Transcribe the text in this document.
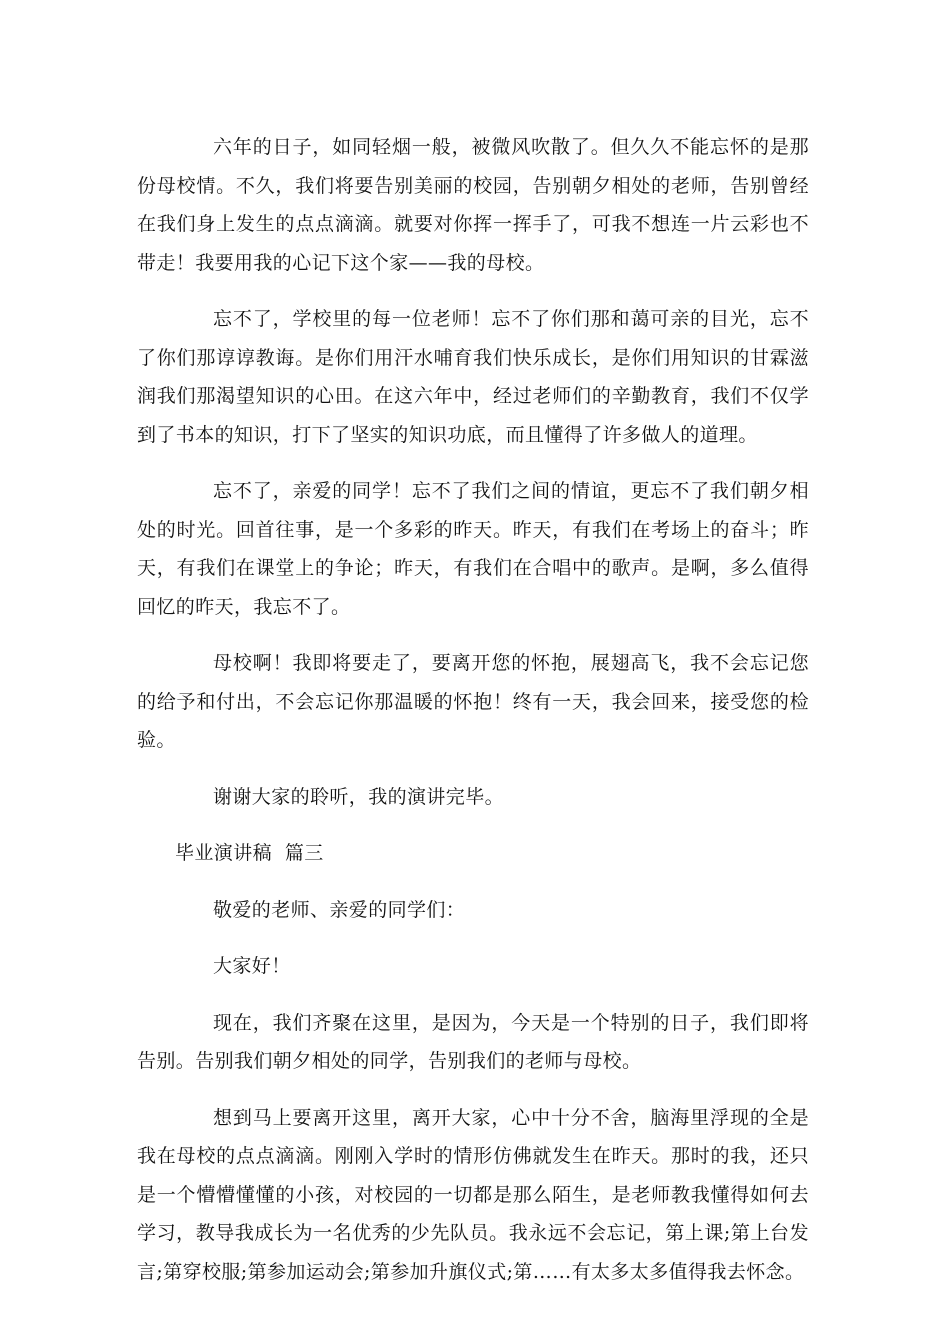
六年的日子，如同轻烟一般，被微风吹散了。但久久不能忘怀的是那份母校情。不久，我们将要告别美丽的校园，告别朝夕相处的老师，告别曾经在我们身上发生的点点滴滴。就要对你挥一挥手了，可我不想连一片云彩也不带走！我要用我的心记下这个家——我的母校。

忘不了，学校里的每一位老师！忘不了你们那和蔼可亲的目光，忘不了你们那谆谆教诲。是你们用汗水哺育我们快乐成长，是你们用知识的甘霖滋润我们那渴望知识的心田。在这六年中，经过老师们的辛勤教育，我们不仅学到了书本的知识，打下了坚实的知识功底，而且懂得了许多做人的道理。

忘不了，亲爱的同学！忘不了我们之间的情谊，更忘不了我们朝夕相处的时光。回首往事，是一个多彩的昨天。昨天，有我们在考场上的奋斗；昨天，有我们在课堂上的争论；昨天，有我们在合唱中的歌声。是啊，多么值得回忆的昨天，我忘不了。

母校啊！我即将要走了，要离开您的怀抱，展翅高飞，我不会忘记您的给予和付出，不会忘记你那温暖的怀抱！终有一天，我会回来，接受您的检验。

谢谢大家的聆听，我的演讲完毕。

毕业演讲稿  篇三

敬爱的老师、亲爱的同学们：

大家好！

现在，我们齐聚在这里，是因为，今天是一个特别的日子，我们即将告别。告别我们朝夕相处的同学，告别我们的老师与母校。

想到马上要离开这里，离开大家，心中十分不舍，脑海里浮现的全是我在母校的点点滴滴。刚刚入学时的情形仿佛就发生在昨天。那时的我，还只是一个懵懵懂懂的小孩，对校园的一切都是那么陌生，是老师教我懂得如何去学习，教导我成长为一名优秀的少先队员。我永远不会忘记，第上课;第上台发言;第穿校服;第参加运动会;第参加升旗仪式;第……有太多太多值得我去怀念。
